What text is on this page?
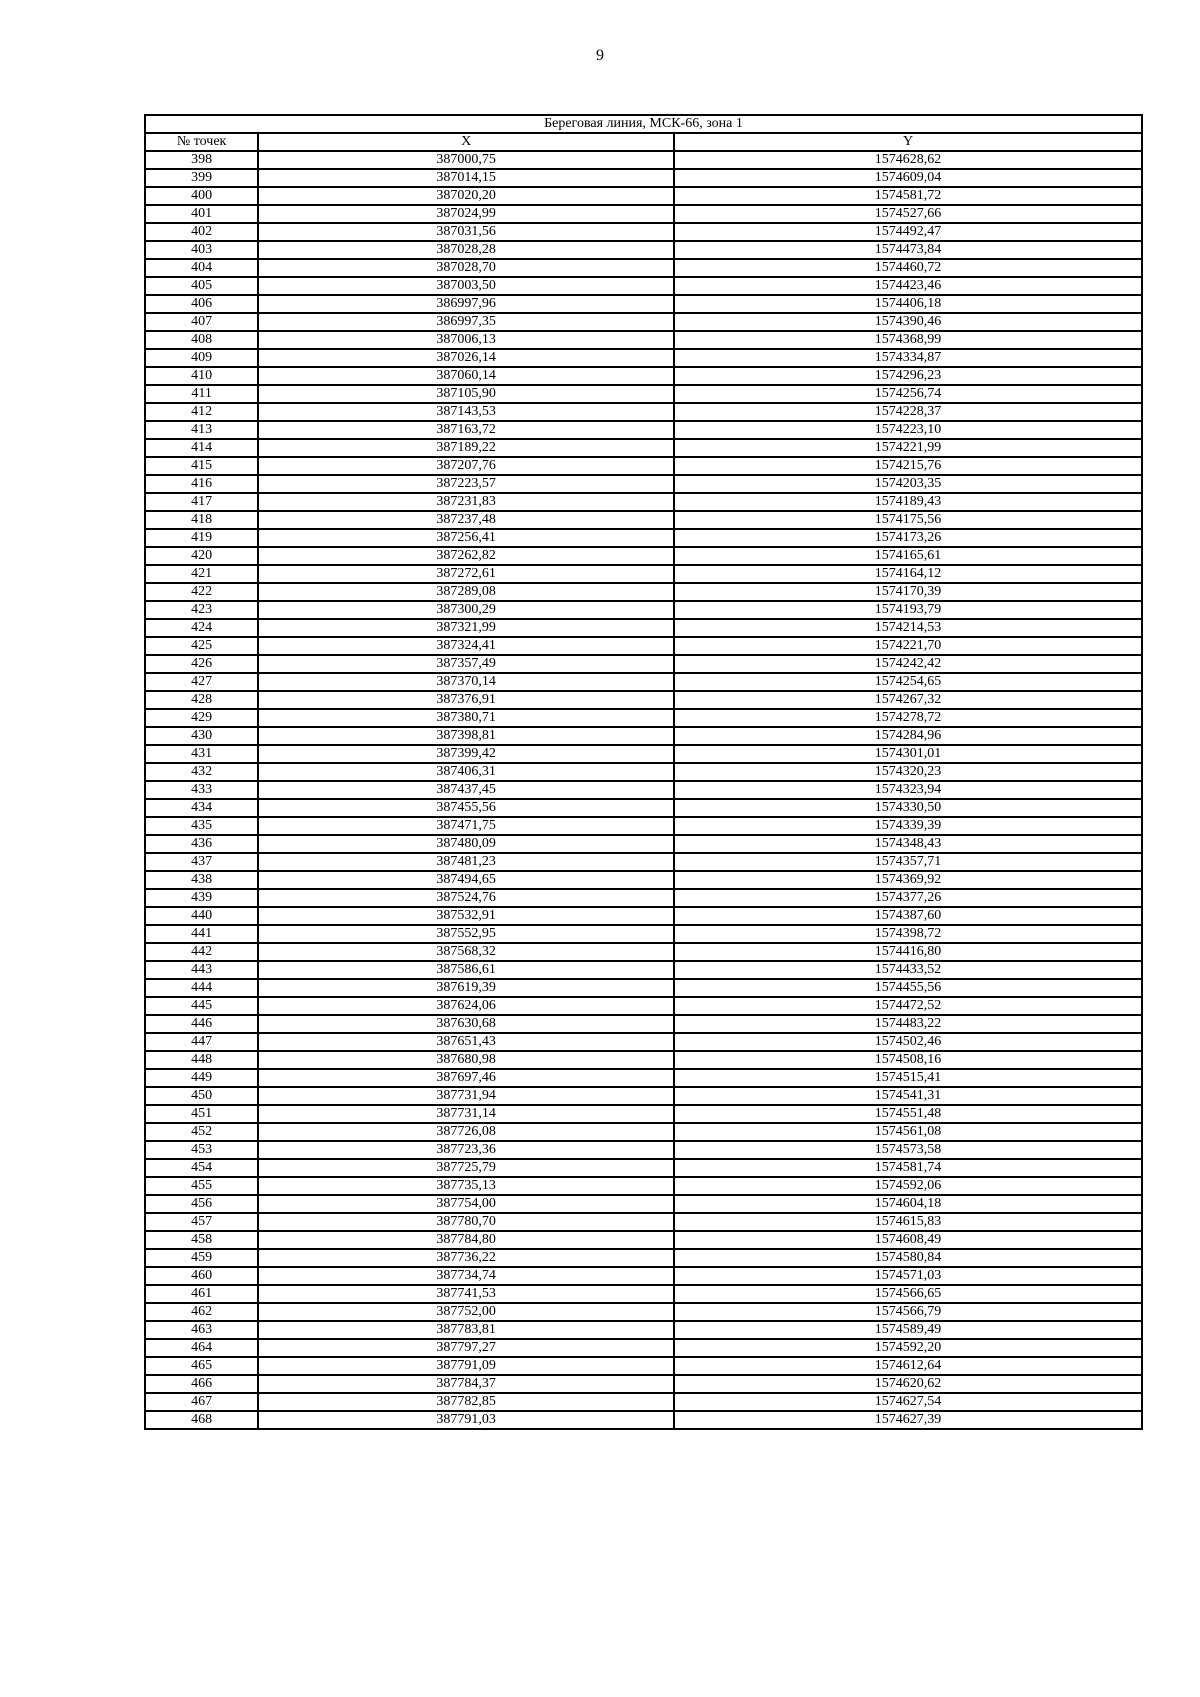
9
Береговая линия, МСК-66, зона 1		
№ точек	X	Y
398	387000,75	1574628,62
399	387014,15	1574609,04
400	387020,20	1574581,72
401	387024,99	1574527,66
402	387031,56	1574492,47
403	387028,28	1574473,84
404	387028,70	1574460,72
405	387003,50	1574423,46
406	386997,96	1574406,18
407	386997,35	1574390,46
408	387006,13	1574368,99
409	387026,14	1574334,87
410	387060,14	1574296,23
411	387105,90	1574256,74
412	387143,53	1574228,37
413	387163,72	1574223,10
414	387189,22	1574221,99
415	387207,76	1574215,76
416	387223,57	1574203,35
417	387231,83	1574189,43
418	387237,48	1574175,56
419	387256,41	1574173,26
420	387262,82	1574165,61
421	387272,61	1574164,12
422	387289,08	1574170,39
423	387300,29	1574193,79
424	387321,99	1574214,53
425	387324,41	1574221,70
426	387357,49	1574242,42
427	387370,14	1574254,65
428	387376,91	1574267,32
429	387380,71	1574278,72
430	387398,81	1574284,96
431	387399,42	1574301,01
432	387406,31	1574320,23
433	387437,45	1574323,94
434	387455,56	1574330,50
435	387471,75	1574339,39
436	387480,09	1574348,43
437	387481,23	1574357,71
438	387494,65	1574369,92
439	387524,76	1574377,26
440	387532,91	1574387,60
441	387552,95	1574398,72
442	387568,32	1574416,80
443	387586,61	1574433,52
444	387619,39	1574455,56
445	387624,06	1574472,52
446	387630,68	1574483,22
447	387651,43	1574502,46
448	387680,98	1574508,16
449	387697,46	1574515,41
450	387731,94	1574541,31
451	387731,14	1574551,48
452	387726,08	1574561,08
453	387723,36	1574573,58
454	387725,79	1574581,74
455	387735,13	1574592,06
456	387754,00	1574604,18
457	387780,70	1574615,83
458	387784,80	1574608,49
459	387736,22	1574580,84
460	387734,74	1574571,03
461	387741,53	1574566,65
462	387752,00	1574566,79
463	387783,81	1574589,49
464	387797,27	1574592,20
465	387791,09	1574612,64
466	387784,37	1574620,62
467	387782,85	1574627,54
468	387791,03	1574627,39
